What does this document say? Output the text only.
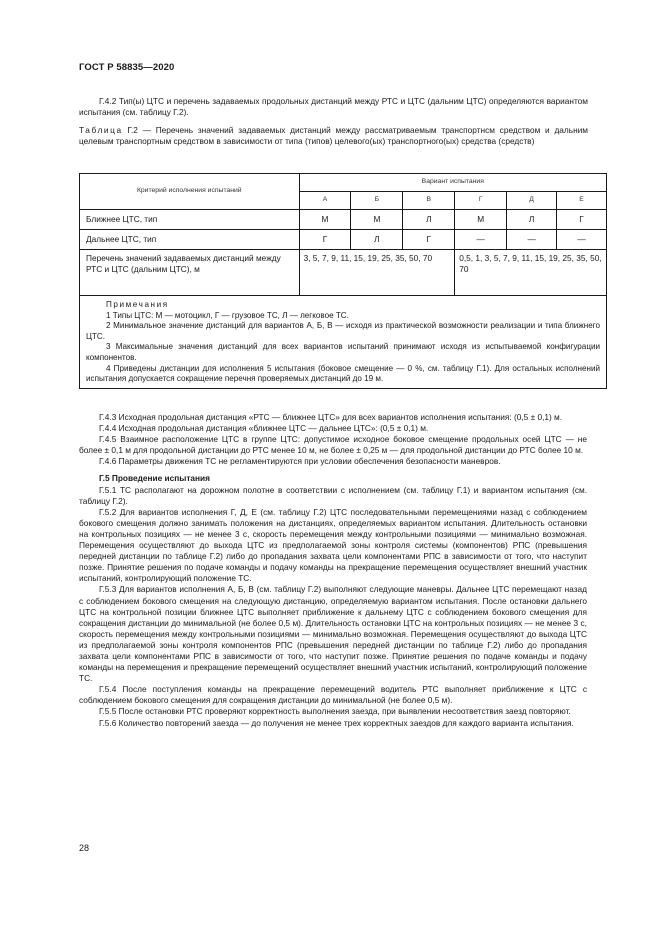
ГОСТ Р 58835—2020

Г.4.2 Тип(ы) ЦТС и перечень задаваемых продольных дистанций между РТС и ЦТС (дальним ЦТС) определяются вариантом испытания (см. таблицу Г.2).

Таблица Г.2 — Перечень значений задаваемых дистанций между рассматриваемым транспортнсм средством и дальним целевым транспортным средством в зависимости от типа (типов) целевого(ых) транспортного(ых) средства (средств)

Критерий исполнения испытаний	Вариант испытания					
	А	Б	В	Г	Д	Е
Ближнее ЦТС, тип	М	М	Л	М	Л	Г
Дальнее ЦТС, тип	Г	Л	Г	—	—	—
Перечень значений задаваемых дистанций между РТС и ЦТС (дальним ЦТС), м	3, 5, 7, 9, 11, 15, 19, 25, 35, 50, 70			0,5, 1, 3, 5, 7, 9, 11, 15, 19, 25, 35, 50, 70		

Примечания
1 Типы ЦТС: М — мотоцикл, Г — грузовое ТС, Л — легковое ТС.
2 Минимальное значение дистанций для вариантов А, Б, В — исходя из практической возможности реализации и типа ближнего ЦТС.
3 Максимальные значения дистанций для всех вариантов испытаний принимают исходя из испытываемой конфигурации компонентов.
4 Приведены дистанции для исполнения 5 испытания (боковое смещение — 0 %, см. таблицу Г.1). Для остальных исполнений испытания допускается сокращение перечня проверяемых дистанций до 19 м.						

Г.4.3 Исходная продольная дистанция «РТС — ближнее ЦТС» для всех вариантов исполнения испытания: (0,5 ± 0,1) м.

Г.4.4 Исходная продольная дистанция «ближнее ЦТС — дальнее ЦТС»: (0,5 ± 0,1) м.

Г.4.5 Взаимное расположение ЦТС в группе ЦТС: допустимое исходное боковое смещение продольных осей ЦТС — не более ± 0,1 м для продольной дистанции до РТС менее 10 м, не более ± 0,25 м — для продольной дистанции до РТС более 10 м.

Г.4.6 Параметры движения ТС не регламентируются при условии обеспечения безопасности маневров.

Г.5 Проведение испытания

Г.5.1 ТС располагают на дорожном полотне в соответствии с исполнением (см. таблицу Г.1) и вариантом испытания (см. таблицу Г.2).

Г.5.2 Для вариантов исполнения Г, Д, Е (см. таблицу Г.2) ЦТС последовательными перемещениями назад с соблюдением бокового смещения должно занимать положения на дистанциях, определяемых вариантом испытания. Длительность остановки на контрольных позициях — не менее 3 с, скорость перемещения между контрольными позициями — минимально возможная. Перемещения осуществляют до выхода ЦТС из предполагаемой зоны контроля системы (компонентов) РПС (превышения передней дистанции по таблице Г.2) либо до пропадания захвата цели компонентами РПС в зависимости от того, что наступит позже. Принятие решения по подаче команды и подачу команды на прекращение перемещения осуществляет внешний участник испытаний, контролирующий положение ТС.

Г.5.3 Для вариантов исполнения А, Б, В (см. таблицу Г.2) выполняют следующие маневры. Дальнее ЦТС перемещают назад с соблюдением бокового смещения на следующую дистанцию, определяемую вариантом испытания. После остановки дальнего ЦТС на контрольной позиции ближнее ЦТС выполняет приближение к дальнему ЦТС с соблюдением бокового смещения для сокращения дистанции до минимальной (не более 0,5 м). Длительность остановки ЦТС на контрольных позициях — не менее 3 с, скорость перемещения между контрольными позициями — минимально возможная. Перемещения осуществляют до выхода ЦТС из предполагаемой зоны контроля компонентов РПС (превышения передней дистанции по таблице Г.2) либо до пропадания захвата цели компонентами РПС в зависимости от того, что наступит позже. Принятие решения по подаче команды и подачу команды на перемещения и прекращение перемещений осуществляет внешний участник испытаний, контролирующий положение ТС.

Г.5.4 После поступления команды на прекращение перемещений водитель РТС выполняет приближение к ЦТС с соблюдением бокового смещения для сокращения дистанции до минимальной (не более 0,5 м).

Г.5.5 После остановки РТС проверяют корректность выполнения заезда, при выявлении несоответствия заезд повторяют.

Г.5.6 Количество повторений заезда — до получения не менее трех корректных заездов для каждого варианта испытания.

28
